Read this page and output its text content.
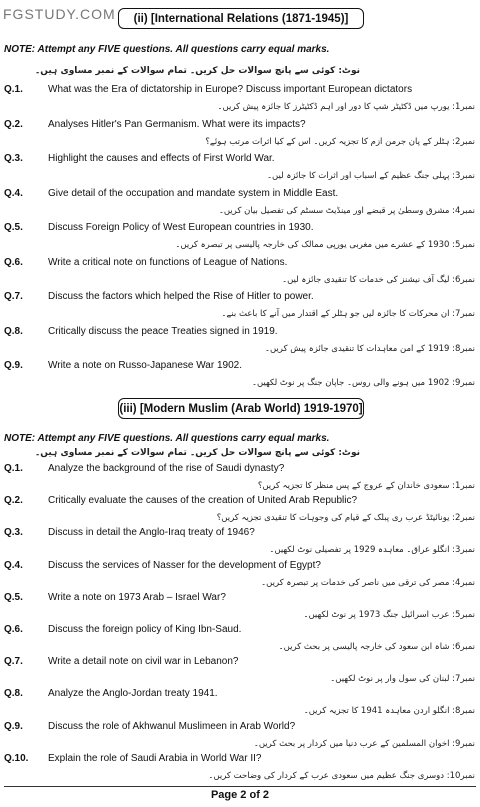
FGSTUDY.COM	(ii) [International Relations (1871-1945)]
NOTE: Attempt any FIVE questions. All questions carry equal marks.
نوٹ: کوئی سے پانچ سوالات حل کریں۔ تمام سوالات کے نمبر مساوی ہیں۔
Q.1.	What was the Era of dictatorship in Europe? Discuss important European dictators
نمبر1: یورپ میں ڈکٹیٹر شپ کا دور اور اہم ڈکٹیٹرز کا جائزہ پیش کریں۔
Q.2.	Analyses Hitler's Pan Germanism. What were its impacts?
نمبر2: ہٹلر کے پان جرمن ازم کا تجزیہ کریں۔ اس کے کیا اثرات مرتب ہوئے؟
Q.3.	Highlight the causes and effects of First World War.
نمبر3: پہلی جنگ عظیم کے اسباب اور اثرات کا جائزہ لیں۔
Q.4.	Give detail of the occupation and mandate system in Middle East.
نمبر4: مشرق وسطیٰ پر قبضے اور مینڈیٹ سسٹم کی تفصیل بیان کریں۔
Q.5.	Discuss Foreign Policy of West European countries in 1930.
نمبر5: 1930 کے عشرے میں مغربی یورپی ممالک کی خارجہ پالیسی پر تبصرہ کریں۔
Q.6.	Write a critical note on functions of League of Nations.
نمبر6: لیگ آف نیشنز کی خدمات کا تنقیدی جائزہ لیں۔
Q.7.	Discuss the factors which helped the Rise of Hitler to power.
نمبر7: ان محرکات کا جائزہ لیں جو ہٹلر کے اقتدار میں آنے کا باعث بنے۔
Q.8.	Critically discuss the peace Treaties signed in 1919.
نمبر8: 1919 کے امن معاہدات کا تنقیدی جائزہ پیش کریں۔
Q.9.	Write a note on Russo-Japanese War 1902.
نمبر9: 1902 میں ہونے والی روس۔ جاپان جنگ پر نوٹ لکھیں۔
(iii) [Modern Muslim (Arab World) 1919-1970]
NOTE: Attempt any FIVE questions. All questions carry equal marks.
نوٹ: کوئی سے پانچ سوالات حل کریں۔ تمام سوالات کے نمبر مساوی ہیں۔
Q.1.	Analyze the background of the rise of Saudi dynasty?
نمبر1: سعودی خاندان کے عروج کے پس منظر کا تجزیہ کریں؟
Q.2.	Critically evaluate the causes of the creation of United Arab Republic?
نمبر2: یونائیٹڈ عرب ری پبلک کے قیام کی وجوہات کا تنقیدی تجزیہ کریں؟
Q.3.	Discuss in detail the Anglo-Iraq treaty of 1946?
نمبر3: انگلو عراق۔ معاہدہ 1929 پر تفصیلی نوٹ لکھیں۔
Q.4.	Discuss the services of Nasser for the development of Egypt?
نمبر4: مصر کی ترقی میں ناصر کی خدمات پر تبصرہ کریں۔
Q.5.	Write a note on 1973 Arab – Israel War?
نمبر5: عرب اسرائیل جنگ 1973 پر نوٹ لکھیں۔
Q.6.	Discuss the foreign policy of King Ibn-Saud.
نمبر6: شاہ ابن سعود کی خارجہ پالیسی پر بحث کریں۔
Q.7.	Write a detail note on civil war in Lebanon?
نمبر7: لبنان کی سول وار پر نوٹ لکھیں۔
Q.8.	Analyze the Anglo-Jordan treaty 1941.
نمبر8: انگلو اردن معاہدہ 1941 کا تجزیہ کریں۔
Q.9.	Discuss the role of Akhwanul Muslimeen in Arab World?
نمبر9: اخوان المسلمین کے عرب دنیا میں کردار پر بحث کریں۔
Q.10. Explain the role of Saudi Arabia in World War II?
نمبر10: دوسری جنگ عظیم میں سعودی عرب کے کردار کی وضاحت کریں۔
Page 2 of 2
